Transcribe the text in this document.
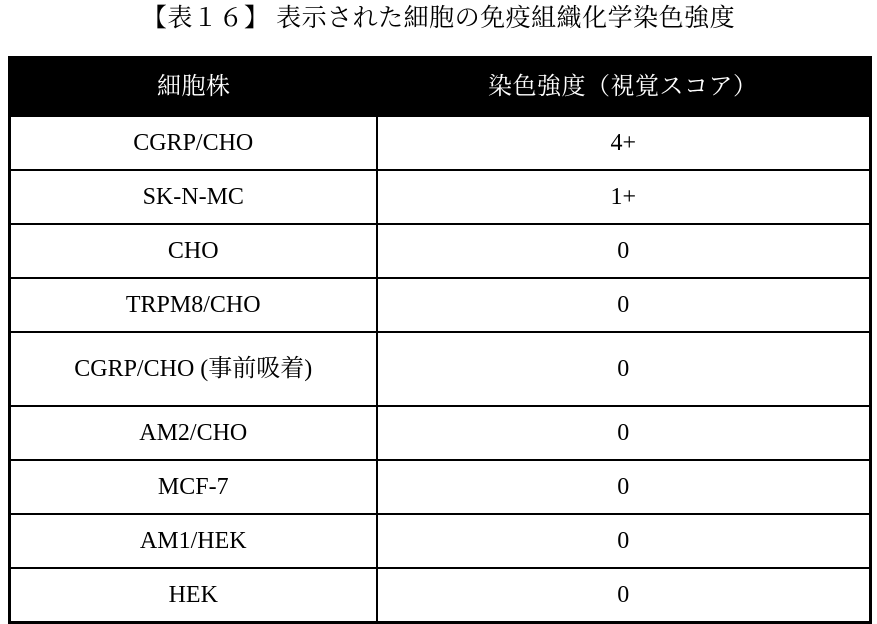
【表１６】 表示された細胞の免疫組織化学染色強度
細胞株	染色強度（視覚スコア）
CGRP/CHO	4+
SK-N-MC	1+
CHO	0
TRPM8/CHO	0
CGRP/CHO (事前吸着)	0
AM2/CHO	0
MCF-7	0
AM1/HEK	0
HEK	0
